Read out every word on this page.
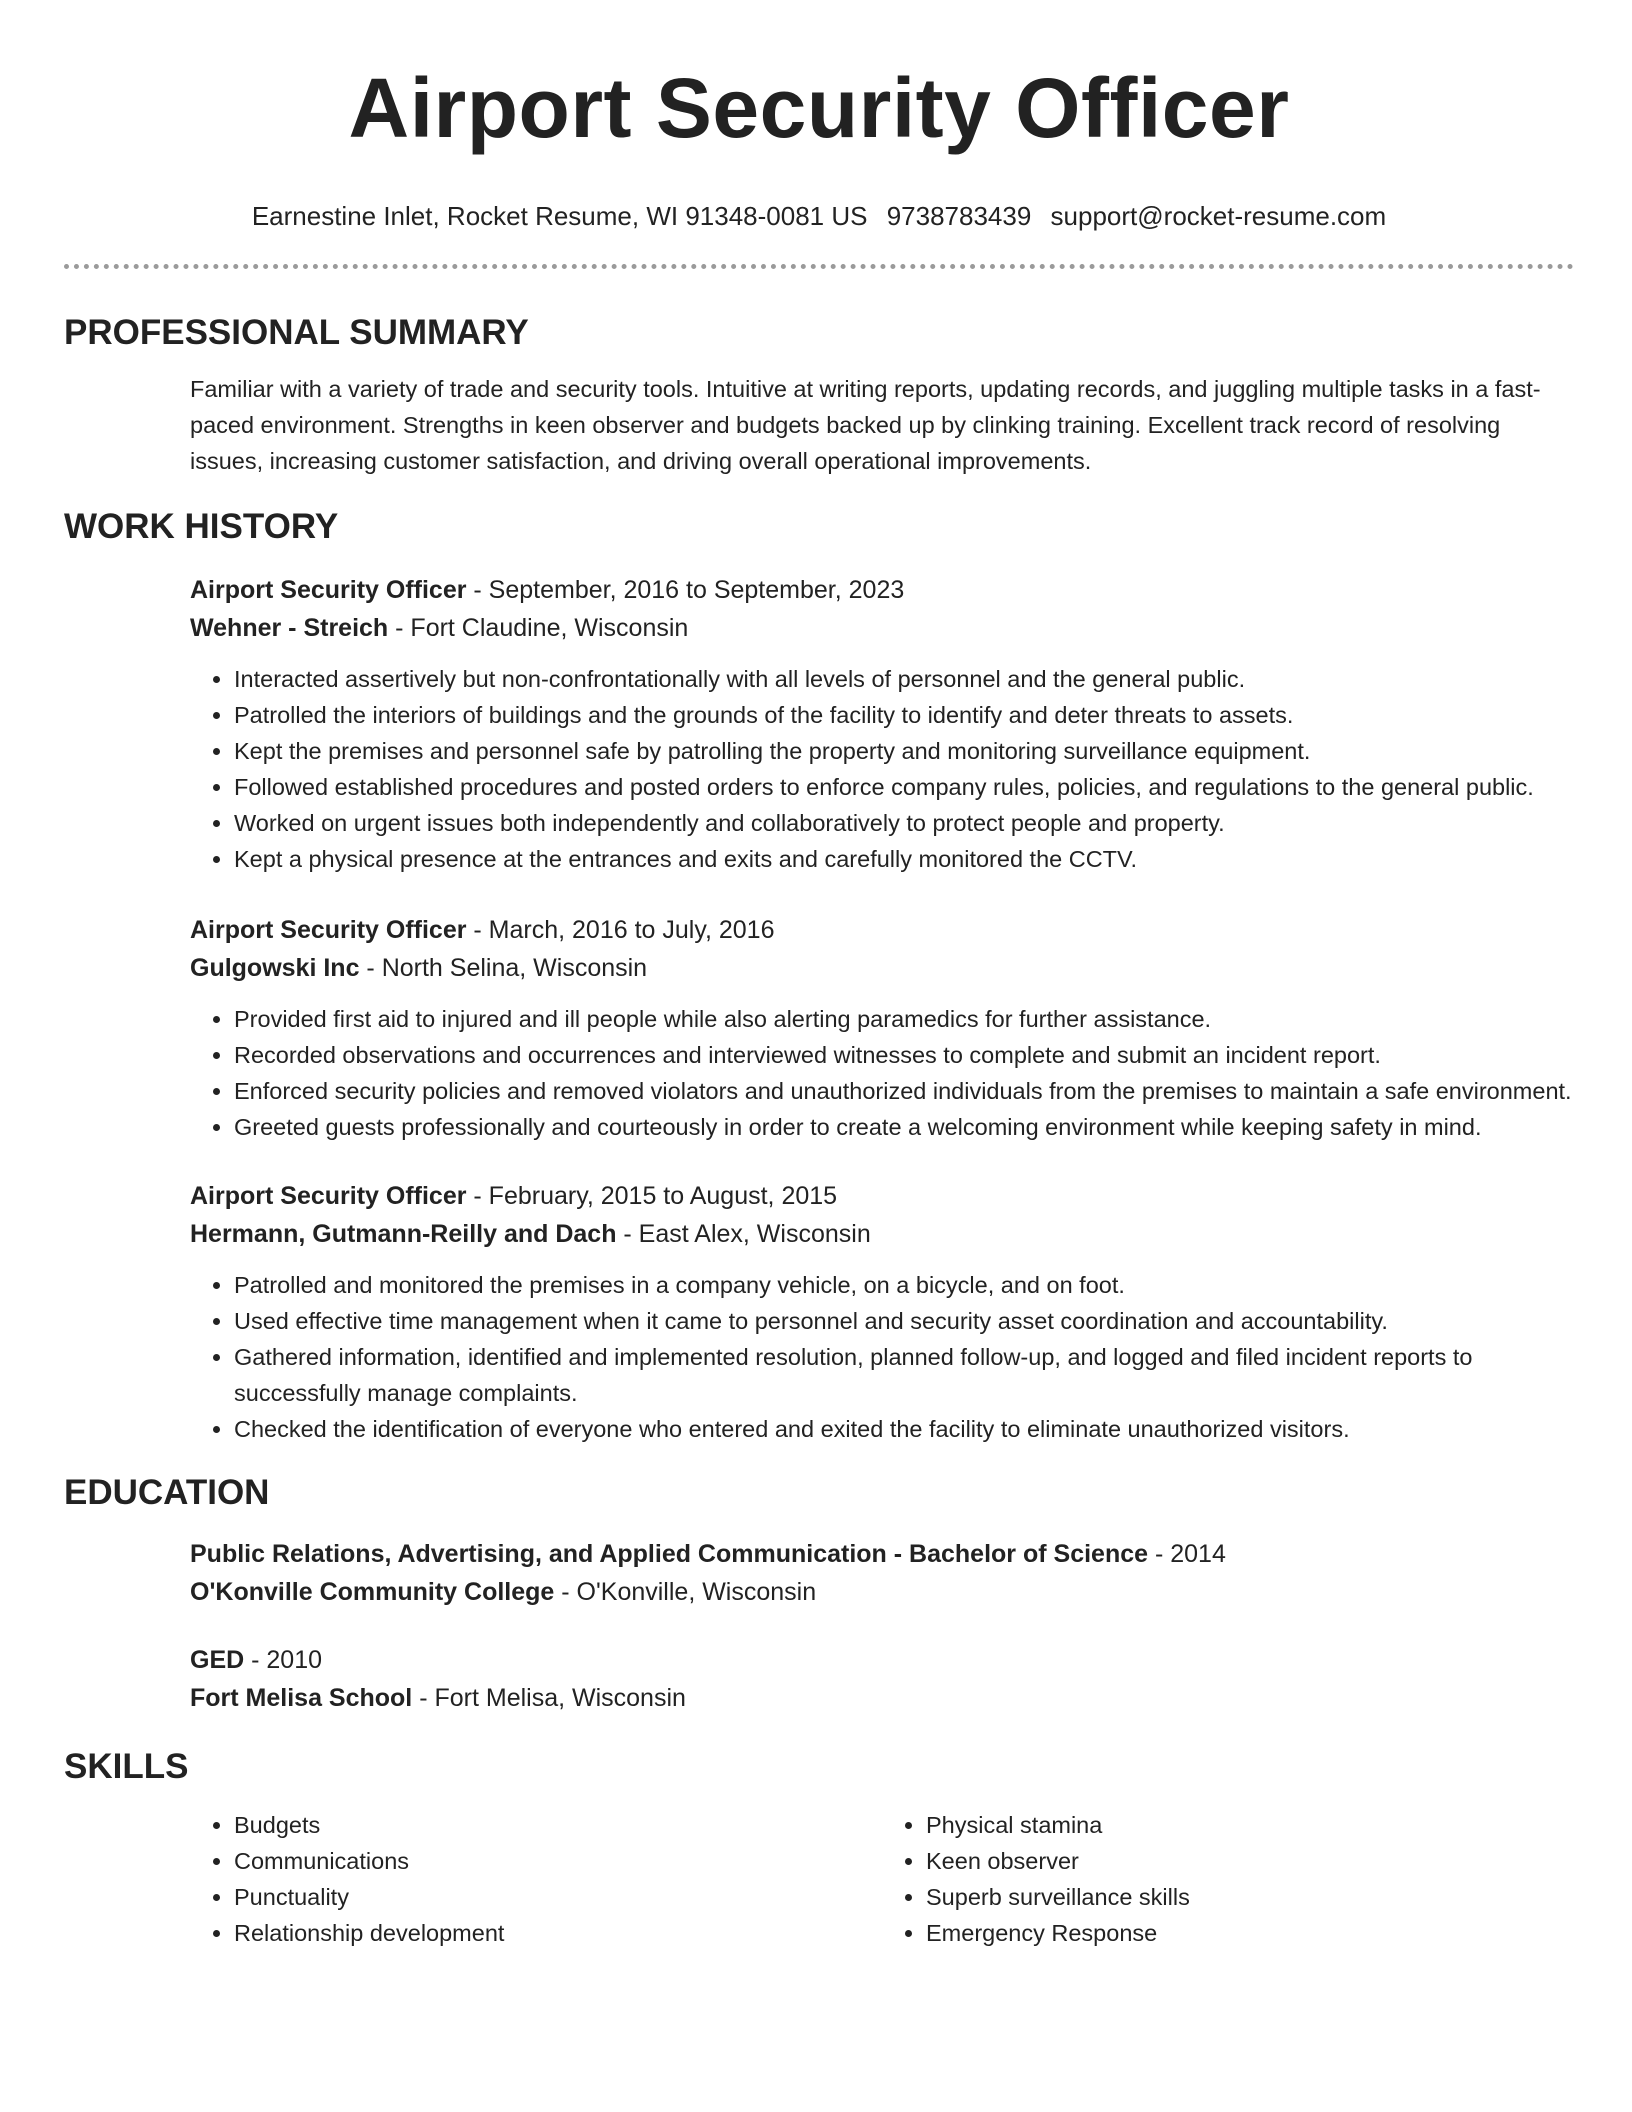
Airport Security Officer
Earnestine Inlet, Rocket Resume, WI 91348-0081 US 9738783439 support@rocket-resume.com
PROFESSIONAL SUMMARY

Familiar with a variety of trade and security tools. Intuitive at writing reports, updating records, and juggling multiple tasks in a fast-paced environment. Strengths in keen observer and budgets backed up by clinking training. Excellent track record of resolving issues, increasing customer satisfaction, and driving overall operational improvements.

WORK HISTORY
Airport Security Officer - September, 2016 to September, 2023
Wehner - Streich - Fort Claudine, Wisconsin
• Interacted assertively but non-confrontationally with all levels of personnel and the general public.
• Patrolled the interiors of buildings and the grounds of the facility to identify and deter threats to assets.
• Kept the premises and personnel safe by patrolling the property and monitoring surveillance equipment.
• Followed established procedures and posted orders to enforce company rules, policies, and regulations to the general public.
• Worked on urgent issues both independently and collaboratively to protect people and property.
• Kept a physical presence at the entrances and exits and carefully monitored the CCTV.
Airport Security Officer - March, 2016 to July, 2016
Gulgowski Inc - North Selina, Wisconsin
• Provided first aid to injured and ill people while also alerting paramedics for further assistance.
• Recorded observations and occurrences and interviewed witnesses to complete and submit an incident report.
• Enforced security policies and removed violators and unauthorized individuals from the premises to maintain a safe environment.
• Greeted guests professionally and courteously in order to create a welcoming environment while keeping safety in mind.
Airport Security Officer - February, 2015 to August, 2015
Hermann, Gutmann-Reilly and Dach - East Alex, Wisconsin
• Patrolled and monitored the premises in a company vehicle, on a bicycle, and on foot.
• Used effective time management when it came to personnel and security asset coordination and accountability.
• Gathered information, identified and implemented resolution, planned follow-up, and logged and filed incident reports to successfully manage complaints.
• Checked the identification of everyone who entered and exited the facility to eliminate unauthorized visitors.
EDUCATION
Public Relations, Advertising, and Applied Communication - Bachelor of Science - 2014
O'Konville Community College - O'Konville, Wisconsin
GED - 2010
Fort Melisa School - Fort Melisa, Wisconsin
SKILLS
• Budgets
• Communications
• Punctuality
• Relationship development
• Physical stamina
• Keen observer
• Superb surveillance skills
• Emergency Response
